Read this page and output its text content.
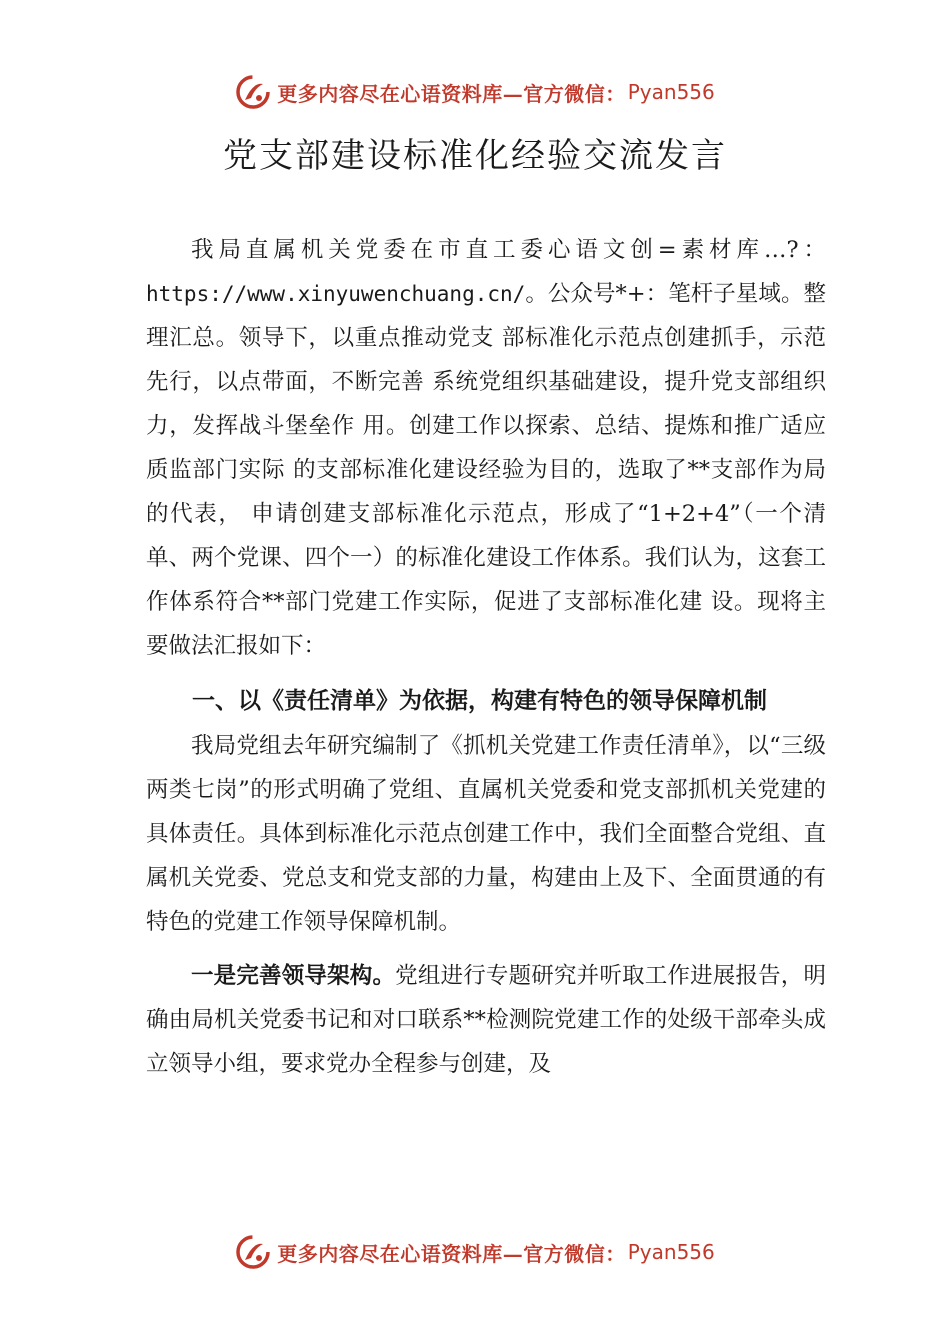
更多内容尽在心语资料库—官方微信： Pyan556
党支部建设标准化经验交流发言

我局直属机关党委在市直工委心语文创=素材库…?：https://www.xinyuwenchuang.cn/。公众号*+：笔杆子星域。整理汇总。领导下，以重点推动党支 部标准化示范点创建抓手，示范先行，以点带面，不断完善 系统党组织基础建设，提升党支部组织力，发挥战斗堡垒作 用。创建工作以探索、总结、提炼和推广适应质监部门实际 的支部标准化建设经验为目的，选取了**支部作为局的代表， 申请创建支部标准化示范点，形成了“1+2+4”（一个清单、两个党课、四个一）的标准化建设工作体系。我们认为，这套工作体系符合**部门党建工作实际，促进了支部标准化建 设。现将主要做法汇报如下：

一、以《责任清单》为依据，构建有特色的领导保障机制

我局党组去年研究编制了《抓机关党建工作责任清单》，以“三级两类七岗”的形式明确了党组、直属机关党委和党支部抓机关党建的具体责任。具体到标准化示范点创建工作中，我们全面整合党组、直属机关党委、党总支和党支部的力量，构建由上及下、全面贯通的有特色的党建工作领导保障机制。

一是完善领导架构。党组进行专题研究并听取工作进展报告，明确由局机关党委书记和对口联系**检测院党建工作的处级干部牵头成立领导小组，要求党办全程参与创建，及

更多内容尽在心语资料库—官方微信： Pyan556
